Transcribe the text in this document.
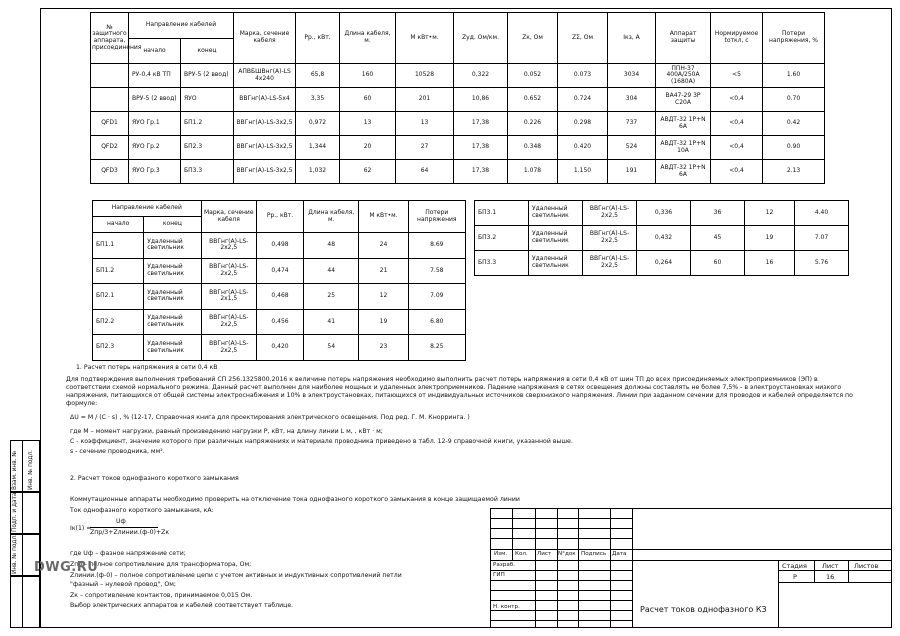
№ защитного аппарата, присоединения	Направление кабелей		Марка, сечение кабеля	Pр., кВт.	Длина кабеля, м.	М кВт•м.	Zуд. Ом/км.	Zк, Ом	ZΣ, Ом	Iкз, А	Аппарат защиты	Нормируемое tоткл, с	Потери напряжения, %
	начало	конец											
	РУ-0,4 кВ ТП	ВРУ-5 (2 ввод)	АПВБШВнг(А)-LS 4х240	65,8	160	10528	0,322	0.052	0.073	3034	ППН-37 400А/250А (1680А)	<5	1.60
	ВРУ-5 (2 ввод)	ЯУО	ВВГнг(А)-LS-5х4	3,35	60	201	10,86	0.652	0.724	304	ВА47-29 3Р С20А	<0,4	0.70
QFD1	ЯУО Гр.1	БП1.2	ВВГнг(А)-LS-3х2,5	0,972	13	13	17,38	0.226	0.298	737	АВДТ-32 1Р+N 6А	<0,4	0.42
QFD2	ЯУО Гр.2	БП2.3	ВВГнг(А)-LS-3х2,5	1,344	20	27	17,38	0.348	0.420	524	АВДТ-32 1Р+N 10А	<0,4	0.90
QFD3	ЯУО Гр.3	БП3.3	ВВГнг(А)-LS-3х2,5	1,032	62	64	17,38	1.078	1.150	191	АВДТ-32 1Р+N 6А	<0,4	2.13
Направление кабелей		Марка, сечение кабеля	Pр., кВт.	Длина кабеля, м.	М кВт•м.	Потери напряжения
начало	конец					
БП1.1	Удаленный светильник	ВВГнг(А)-LS-2х2,5	0,498	48	24	8.69
БП1.2	Удаленный светильник	ВВГнг(А)-LS-2х2,5	0,474	44	21	7.58
БП2.1	Удаленный светильник	ВВГнг(А)-LS-2х1,5	0,468	25	12	7.09
БП2.2	Удаленный светильник	ВВГнг(А)-LS-2х2,5	0,456	41	19	6.80
БП2.3	Удаленный светильник	ВВГнг(А)-LS-2х2,5	0,420	54	23	8.25
БП3.1	Удаленный светильник	ВВГнг(А)-LS-2х2,5	0,336	36	12	4.40
БП3.2	Удаленный светильник	ВВГнг(А)-LS-2х2,5	0,432	45	19	7.07
БП3.3	Удаленный светильник	ВВГнг(А)-LS-2х2,5	0,264	60	16	5.76
1. Расчет потерь напряжения в сети 0,4 кВ
Для подтверждения выполнения требований СП 256.1325800.2016 к величине потерь напряжения необходимо выполнить расчет потерь напряжения в сети 0,4 кВ от шин ТП до всех присоединяемых электроприемников (ЭП) в
соответствии схемой нормального режима. Данный расчет выполнен для наиболее мощных и удаленных электроприемников. Падение напряжения в сетях освещения должны составлять не более 7,5% - в электроустановках низкого
напряжения, питающихся от общей системы электроснабжения и 10% в электроустановках, питающихся от индивидуальных источников сверхнизкого напряжения. Линии при заданном сечении для проводов и кабелей определяется по
формуле:
ΔU = M / (C · s) , % (12-17, Справочная книга для проектирования электрического освещения. Под ред. Г. М. Кнорринга. )
где М – момент нагрузки, равный произведению нагрузки P, кВт, на длину линии L м, , кВт · м;
С - коэффициент, значение которого при различных напряжениях и материале проводника приведено в табл. 12-9 справочной книги, указанной выше.
s - сечение проводника, мм².
2. Расчет токов однофазного короткого замыкания
Коммутационные аппараты необходимо проверить на отключение тока однофазного короткого замыкания в конце защищаемой линии
Ток однофазного короткого замыкания, кА:
Iк(1) =
Uф
Zпр/3+Zлинии.(ф-0)+Zк
где Uф – фазное напряжение сети;
Zпр – полное сопротивление для трансформатора, Ом;
Zлинии.(ф-0) – полное сопротивление цепи с учетом активных и индуктивных сопротивлений петли
"фазный – нулевой провод", Ом;
Zк – сопротивление контактов, принимаемое 0,015 Ом.
Выбор электрических аппаратов и кабелей соответствует таблице.
DWG.RU
Взам. инв. №
Подп. и дата
Инв. № подл.
Инв. № подл.
Изм. Кол. Лист N°док Подпись Дата
Разраб.
ГИП
Н. контр.	Расчет токов однофазного КЗ
Стадия Лист Листов
Р	16
